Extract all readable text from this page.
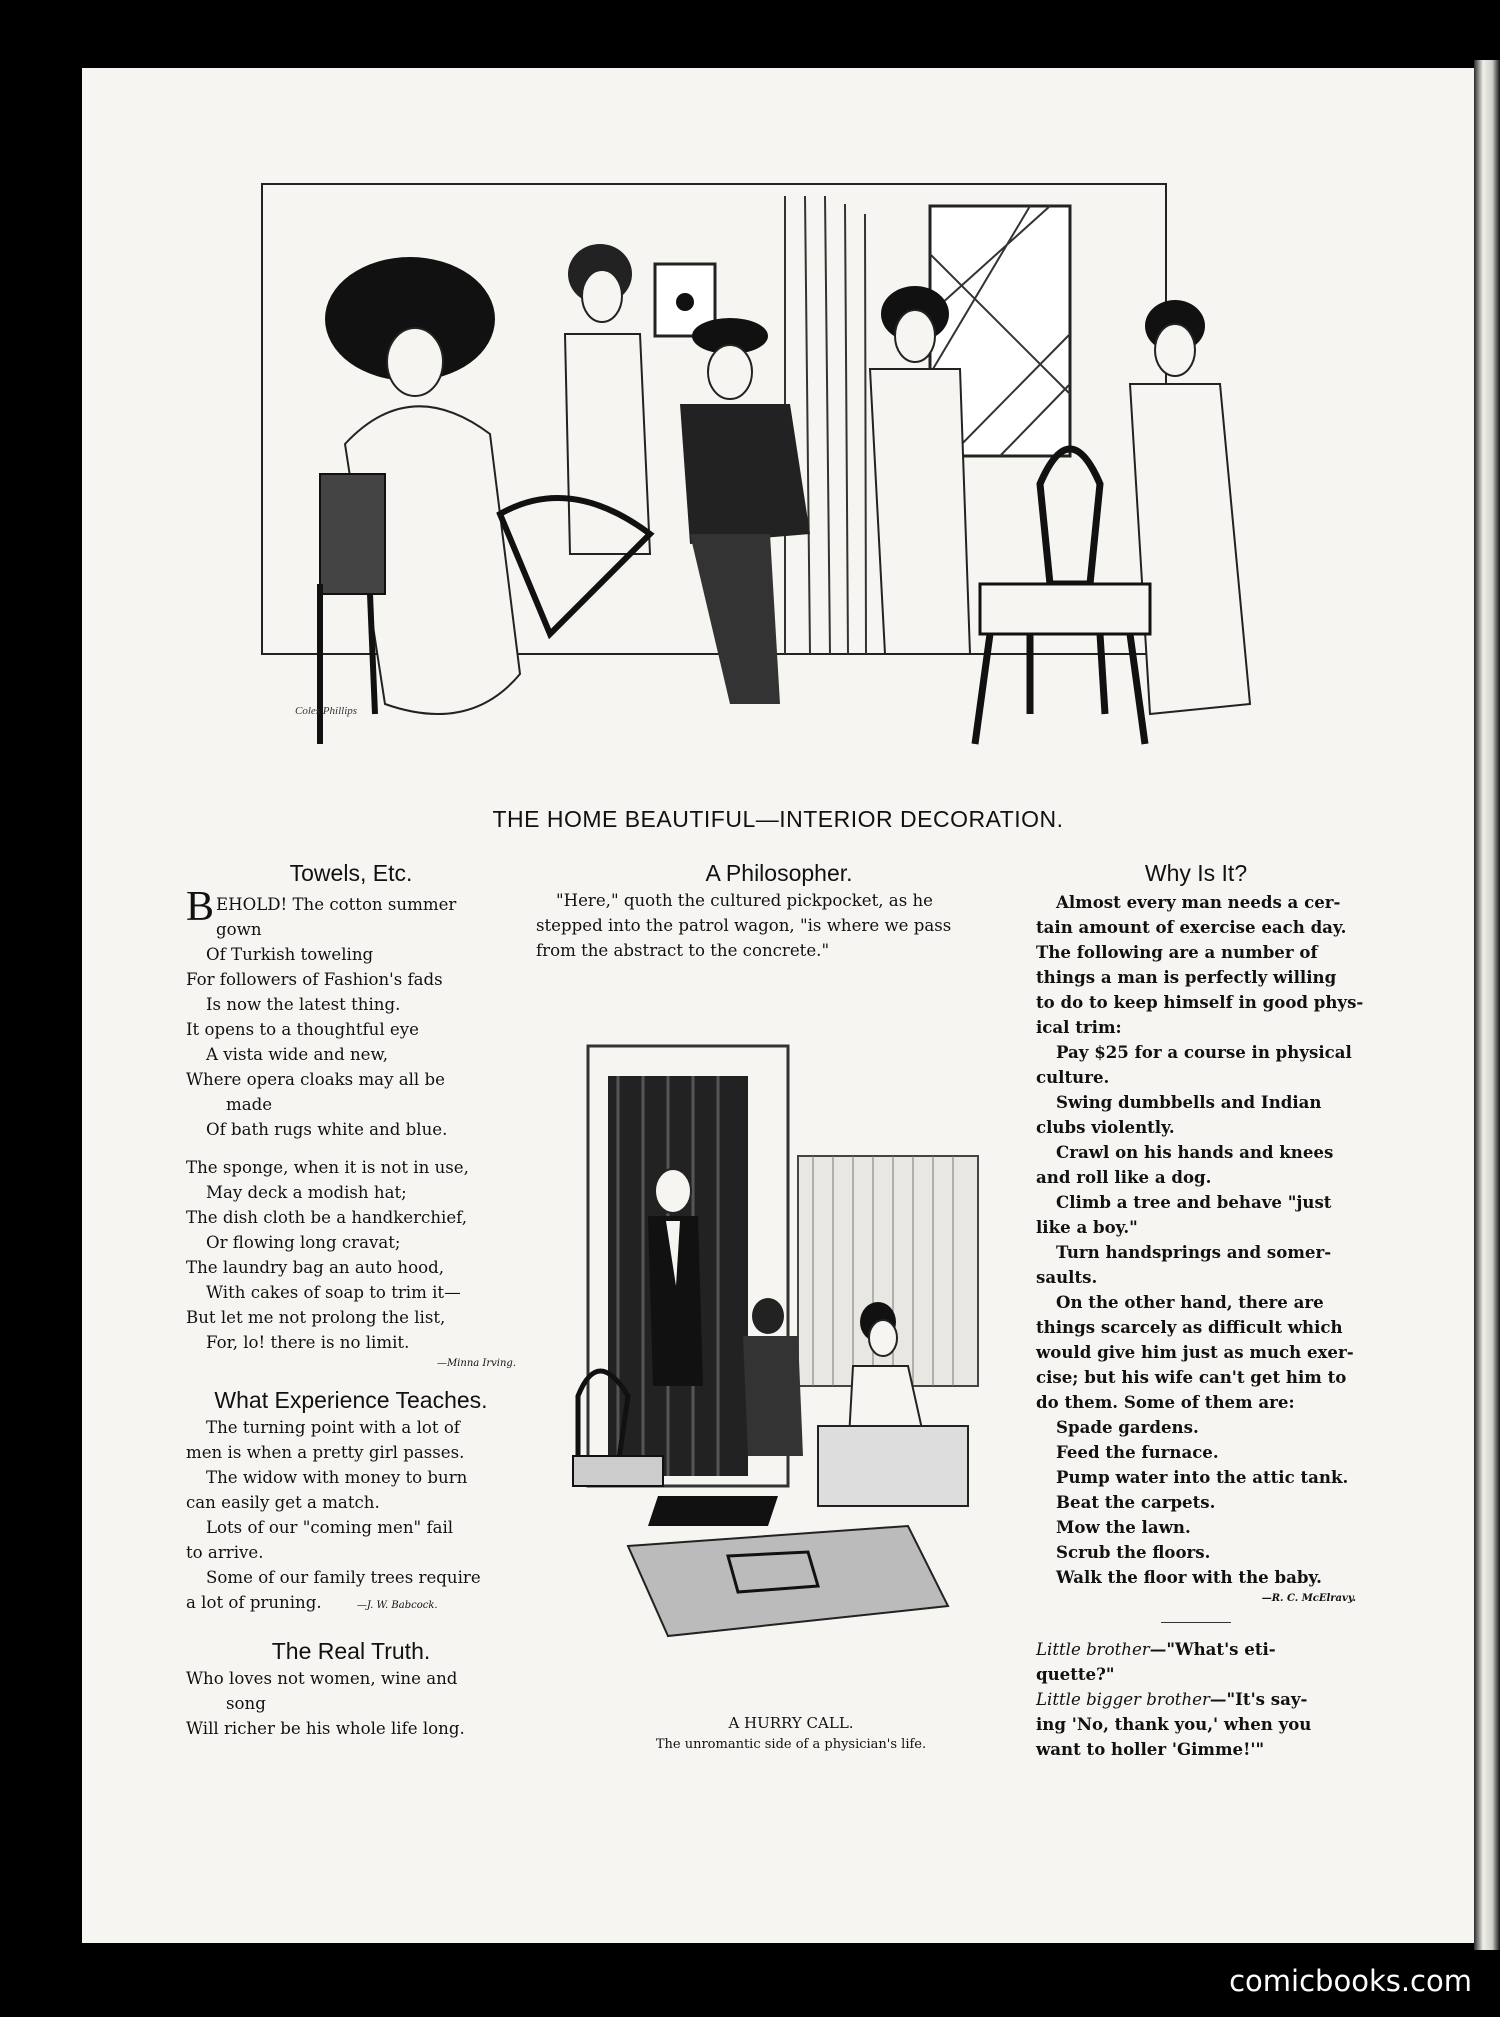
Coles Phillips
THE HOME BEAUTIFUL—INTERIOR DECORATION.
Towels, Etc.
B EHOLD! The cotton summer
gown
Of Turkish toweling
For followers of Fashion's fads
Is now the latest thing.
It opens to a thoughtful eye
A vista wide and new,
Where opera cloaks may all be
made
Of bath rugs white and blue.
The sponge, when it is not in use,
May deck a modish hat;
The dish cloth be a handkerchief,
Or flowing long cravat;
The laundry bag an auto hood,
With cakes of soap to trim it—
But let me not prolong the list,
For, lo! there is no limit.
—Minna Irving.
What Experience Teaches.
The turning point with a lot of
men is when a pretty girl passes.
The widow with money to burn
can easily get a match.
Lots of our "coming men" fail
to arrive.
Some of our family trees require
a lot of pruning.	—J. W. Babcock.
The Real Truth.
Who loves not women, wine and
song
Will richer be his whole life long.
A Philosopher.
"Here," quoth the cultured pickpocket, as he
stepped into the patrol wagon, "is where we pass
from the abstract to the concrete."
A HURRY CALL.
The unromantic side of a physician's life.
Why Is It?
Almost every man needs a cer-
tain amount of exercise each day.
The following are a number of
things a man is perfectly willing
to do to keep himself in good phys-
ical trim:
Pay $25 for a course in physical
culture.
Swing dumbbells and Indian
clubs violently.
Crawl on his hands and knees
and roll like a dog.
Climb a tree and behave "just
like a boy."
Turn handsprings and somer-
saults.
On the other hand, there are
things scarcely as difficult which
would give him just as much exer-
cise; but his wife can't get him to
do them. Some of them are:
Spade gardens.
Feed the furnace.
Pump water into the attic tank.
Beat the carpets.
Mow the lawn.
Scrub the floors.
Walk the floor with the baby.
—R. C. McElravy.
Little brother—"What's eti-
quette?"
Little bigger brother—"It's say-
ing 'No, thank you,' when you
want to holler 'Gimme!'"
comicbooks.com
